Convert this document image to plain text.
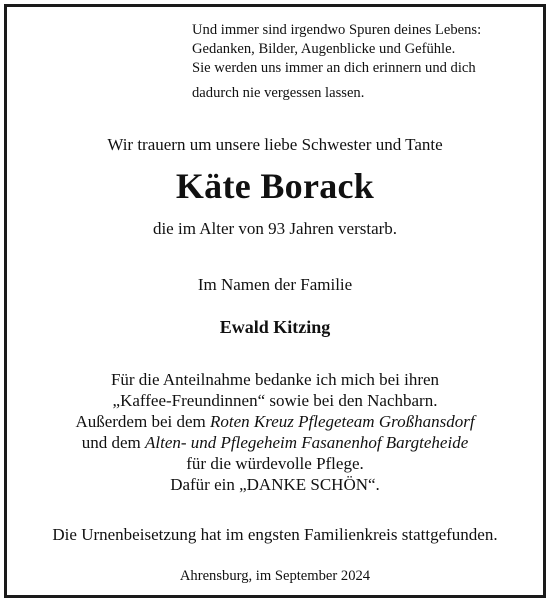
Und immer sind irgendwo Spuren deines Lebens:
Gedanken, Bilder, Augenblicke und Gefühle.
Sie werden uns immer an dich erinnern und dich
dadurch nie vergessen lassen.
Wir trauern um unsere liebe Schwester und Tante
Käte Borack
die im Alter von 93 Jahren verstarb.
Im Namen der Familie
Ewald Kitzing
Für die Anteilnahme bedanke ich mich bei ihren
„Kaffee-Freundinnen“ sowie bei den Nachbarn.
Außerdem bei dem Roten Kreuz Pflegeteam Großhansdorf
und dem Alten- und Pflegeheim Fasanenhof Bargteheide
für die würdevolle Pflege.
Dafür ein „DANKE SCHÖN“.
Die Urnenbeisetzung hat im engsten Familienkreis stattgefunden.
Ahrensburg, im September 2024
